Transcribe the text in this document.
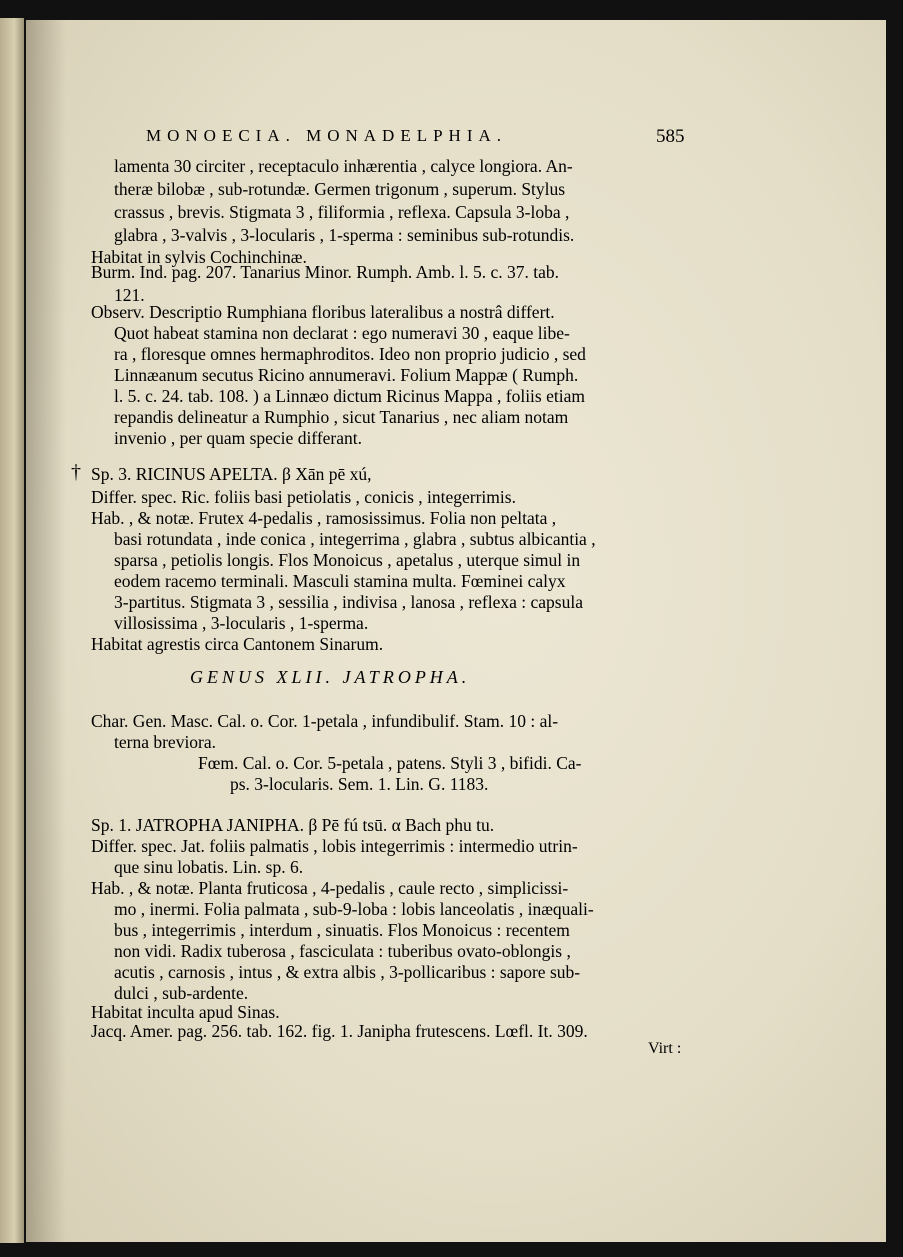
MONOECIA. MONADELPHIA.	585
lamenta 30 circiter , receptaculo inhærentia , calyce longiora. An-
theræ bilobæ , sub-rotundæ. Germen trigonum , superum. Stylus
crassus , brevis. Stigmata 3 , filiformia , reflexa. Capsula 3-loba ,
glabra , 3-valvis , 3-locularis , 1-sperma : seminibus sub-rotundis.
Habitat in sylvis Cochinchinæ.
Burm. Ind. pag. 207. Tanarius Minor. Rumph. Amb. l. 5. c. 37. tab.
121.
Observ. Descriptio Rumphiana floribus lateralibus a nostrâ differt.
Quot habeat stamina non declarat : ego numeravi 30 , eaque libe-
ra , floresque omnes hermaphroditos. Ideo non proprio judicio , sed
Linnæanum secutus Ricino annumeravi. Folium Mappæ ( Rumph.
l. 5. c. 24. tab. 108. ) a Linnæo dictum Ricinus Mappa , foliis etiam
repandis delineatur a Rumphio , sicut Tanarius , nec aliam notam
invenio , per quam specie differant.
† Sp. 3. RICINUS APELTA. β Xān pē xú,
Differ. spec. Ric. foliis basi petiolatis , conicis , integerrimis.
Hab. , & notæ. Frutex 4-pedalis , ramosissimus. Folia non peltata ,
basi rotundata , inde conica , integerrima , glabra , subtus albicantia ,
sparsa , petiolis longis. Flos Monoicus , apetalus , uterque simul in
eodem racemo terminali. Masculi stamina multa. Fœminei calyx
3-partitus. Stigmata 3 , sessilia , indivisa , lanosa , reflexa : capsula
villosissima , 3-locularis , 1-sperma.
Habitat agrestis circa Cantonem Sinarum.
GENUS XLII. JATROPHA.
Char. Gen. Masc. Cal. o. Cor. 1-petala , infundibulif. Stam. 10 : al-
terna breviora.
Fœm. Cal. o. Cor. 5-petala , patens. Styli 3 , bifidi. Ca-
ps. 3-locularis. Sem. 1. Lin. G. 1183.
Sp. 1. JATROPHA JANIPHA. β Pē fú tsū. α Bach phu tu.
Differ. spec. Jat. foliis palmatis , lobis integerrimis : intermedio utrin-
que sinu lobatis. Lin. sp. 6.
Hab. , & notæ. Planta fruticosa , 4-pedalis , caule recto , simplicissi-
mo , inermi. Folia palmata , sub-9-loba : lobis lanceolatis , inæquali-
bus , integerrimis , interdum , sinuatis. Flos Monoicus : recentem
non vidi. Radix tuberosa , fasciculata : tuberibus ovato-oblongis ,
acutis , carnosis , intus , & extra albis , 3-pollicaribus : sapore sub-
dulci , sub-ardente.
Habitat inculta apud Sinas.
Jacq. Amer. pag. 256. tab. 162. fig. 1. Janipha frutescens. Lœfl. It. 309.
Virt :
